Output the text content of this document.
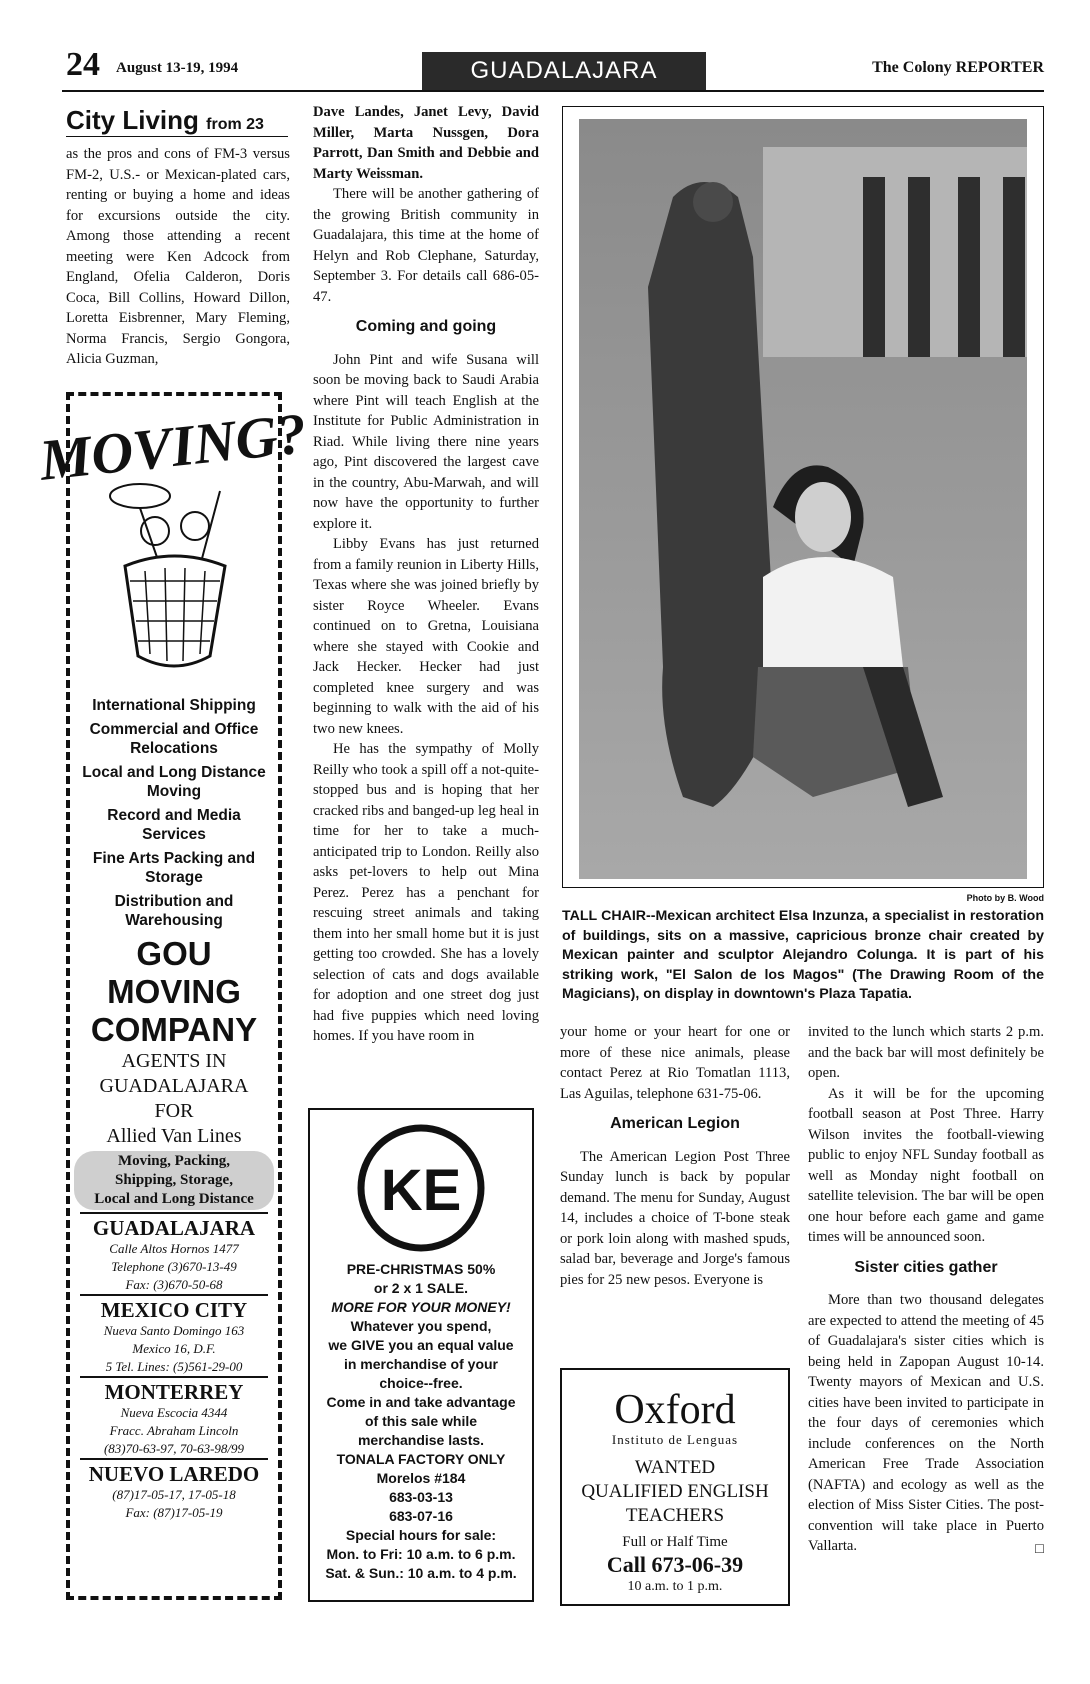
24 August 13-19, 1994	GUADALAJARA	The Colony REPORTER
City Living from 23

as the pros and cons of FM-3 versus FM-2, U.S.- or Mexican-plated cars, renting or buying a home and ideas for excursions outside the city. Among those attending a recent meeting were Ken Adcock from England, Ofelia Calderon, Doris Coca, Bill Collins, Howard Dillon, Loretta Eisbrenner, Mary Fleming, Norma Francis, Sergio Gongora, Alicia Guzman,

MOVING?
International Shipping
Commercial and Office Relocations
Local and Long Distance Moving
Record and Media Services
Fine Arts Packing and Storage
Distribution and Warehousing
GOU
MOVING
COMPANY
AGENTS IN
GUADALAJARA
FOR
Allied Van Lines
Moving, Packing,
Shipping, Storage,
Local and Long Distance
GUADALAJARA
Calle Altos Hornos 1477
Telephone (3)670-13-49
Fax: (3)670-50-68
MEXICO CITY
Nueva Santo Domingo 163
Mexico 16, D.F.
5 Tel. Lines: (5)561-29-00
MONTERREY
Nueva Escocia 4344
Fracc. Abraham Lincoln
(83)70-63-97, 70-63-98/99
NUEVO LAREDO
(87)17-05-17, 17-05-18
Fax: (87)17-05-19

Dave Landes, Janet Levy, David Miller, Marta Nussgen, Dora Parrott, Dan Smith and Debbie and Marty Weissman.

There will be another gathering of the growing British community in Guadalajara, this time at the home of Helyn and Rob Clephane, Saturday, September 3. For details call 686-05-47.

Coming and going

John Pint and wife Susana will soon be moving back to Saudi Arabia where Pint will teach English at the Institute for Public Administration in Riad. While living there nine years ago, Pint discovered the largest cave in the country, Abu-Marwah, and will now have the opportunity to further explore it.

Libby Evans has just returned from a family reunion in Liberty Hills, Texas where she was joined briefly by sister Royce Wheeler. Evans continued on to Gretna, Louisiana where she stayed with Cookie and Jack Hecker. Hecker had just completed knee surgery and was beginning to walk with the aid of his two new knees.

He has the sympathy of Molly Reilly who took a spill off a not-quite-stopped bus and is hoping that her cracked ribs and banged-up leg heal in time for her to take a much-anticipated trip to London. Reilly also asks pet-lovers to help out Mina Perez. Perez has a penchant for rescuing street animals and taking them into her small home but it is just getting too crowded. She has a lovely selection of cats and dogs available for adoption and one street dog just had five puppies which need loving homes. If you have room in

KE
PRE-CHRISTMAS 50%
or 2 x 1 SALE.
MORE FOR YOUR MONEY!
Whatever you spend,
we GIVE you an equal value
in merchandise of your
choice--free.
Come in and take advantage
of this sale while
merchandise lasts.
TONALA FACTORY ONLY
Morelos #184
683-03-13
683-07-16
Special hours for sale:
Mon. to Fri: 10 a.m. to 6 p.m.
Sat. & Sun.: 10 a.m. to 4 p.m.
Photo by B. Wood
TALL CHAIR--Mexican architect Elsa Inzunza, a specialist in restoration of buildings, sits on a massive, capricious bronze chair created by Mexican painter and sculptor Alejandro Colunga. It is part of his striking work, "El Salon de los Magos" (The Drawing Room of the Magicians), on display in downtown's Plaza Tapatia.

your home or your heart for one or more of these nice animals, please contact Perez at Rio Tomatlan 1113, Las Aguilas, telephone 631-75-06.

American Legion

The American Legion Post Three Sunday lunch is back by popular demand. The menu for Sunday, August 14, includes a choice of T-bone steak or pork loin along with mashed spuds, salad bar, beverage and Jorge's famous pies for 25 new pesos. Everyone is

Oxford
Instituto de Lenguas
WANTED
QUALIFIED ENGLISH
TEACHERS
Full or Half Time
Call 673-06-39
10 a.m. to 1 p.m.

invited to the lunch which starts 2 p.m. and the back bar will most definitely be open.

As it will be for the upcoming football season at Post Three. Harry Wilson invites the football-viewing public to enjoy NFL Sunday football as well as Monday night football on satellite television. The bar will be open one hour before each game and game times will be announced soon.

Sister cities gather

More than two thousand delegates are expected to attend the meeting of 45 of Guadalajara's sister cities which is being held in Zapopan August 10-14. Twenty mayors of Mexican and U.S. cities have been invited to participate in the four days of ceremonies which include conferences on the North American Free Trade Association (NAFTA) and ecology as well as the election of Miss Sister Cities. The post-convention will take place in Puerto Vallarta.	□
